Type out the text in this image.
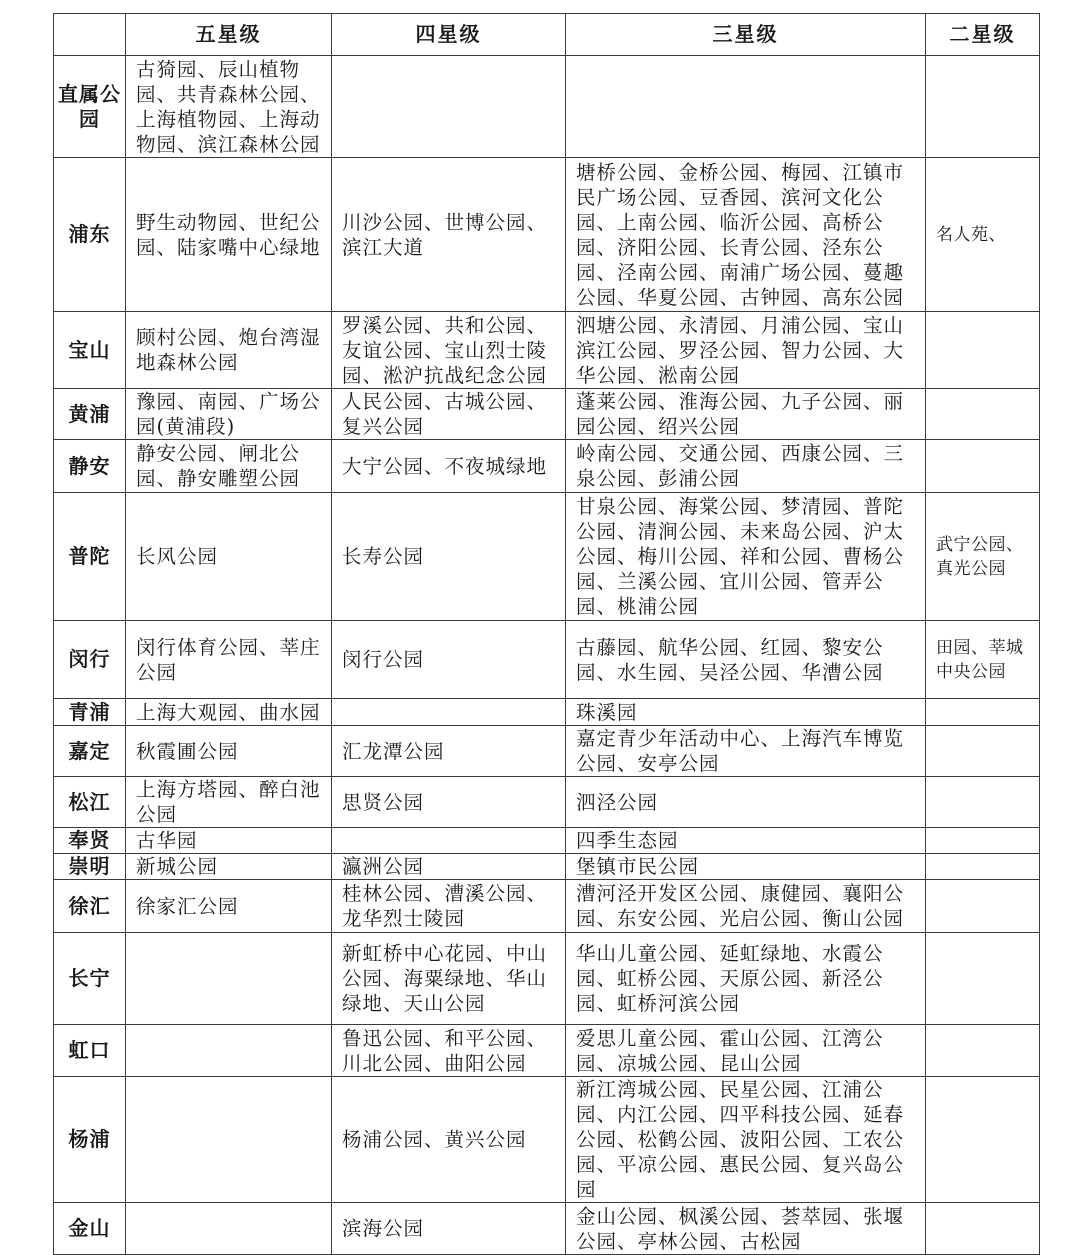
	五星级	四星级	三星级	二星级
直属公园	古猗园、辰山植物园、共青森林公园、上海植物园、上海动物园、滨江森林公园			
浦东	野生动物园、世纪公园、陆家嘴中心绿地	川沙公园、世博公园、滨江大道	塘桥公园、金桥公园、梅园、江镇市民广场公园、豆香园、滨河文化公园、上南公园、临沂公园、高桥公园、济阳公园、长青公园、泾东公园、泾南公园、南浦广场公园、蔓趣公园、华夏公园、古钟园、高东公园	名人苑、
宝山	顾村公园、炮台湾湿地森林公园	罗溪公园、共和公园、友谊公园、宝山烈士陵园、淞沪抗战纪念公园	泗塘公园、永清园、月浦公园、宝山滨江公园、罗泾公园、智力公园、大华公园、淞南公园	
黄浦	豫园、南园、广场公园(黄浦段)	人民公园、古城公园、复兴公园	蓬莱公园、淮海公园、九子公园、丽园公园、绍兴公园	
静安	静安公园、闸北公园、静安雕塑公园	大宁公园、不夜城绿地	岭南公园、交通公园、西康公园、三泉公园、彭浦公园	
普陀	长风公园	长寿公园	甘泉公园、海棠公园、梦清园、普陀公园、清涧公园、未来岛公园、沪太公园、梅川公园、祥和公园、曹杨公园、兰溪公园、宜川公园、管弄公园、桃浦公园	武宁公园、真光公园
闵行	闵行体育公园、莘庄公园	闵行公园	古藤园、航华公园、红园、黎安公园、水生园、吴泾公园、华漕公园	田园、莘城中央公园
青浦	上海大观园、曲水园		珠溪园	
嘉定	秋霞圃公园	汇龙潭公园	嘉定青少年活动中心、上海汽车博览公园、安亭公园	
松江	上海方塔园、醉白池公园	思贤公园	泗泾公园	
奉贤	古华园		四季生态园	
崇明	新城公园	瀛洲公园	堡镇市民公园	
徐汇	徐家汇公园	桂林公园、漕溪公园、龙华烈士陵园	漕河泾开发区公园、康健园、襄阳公园、东安公园、光启公园、衡山公园	
长宁		新虹桥中心花园、中山公园、海粟绿地、华山绿地、天山公园	华山儿童公园、延虹绿地、水霞公园、虹桥公园、天原公园、新泾公园、虹桥河滨公园	
虹口		鲁迅公园、和平公园、川北公园、曲阳公园	爱思儿童公园、霍山公园、江湾公园、凉城公园、昆山公园	
杨浦		杨浦公园、黄兴公园	新江湾城公园、民星公园、江浦公园、内江公园、四平科技公园、延春公园、松鹤公园、波阳公园、工农公园、平凉公园、惠民公园、复兴岛公园	
金山		滨海公园	金山公园、枫溪公园、荟萃园、张堰公园、亭林公园、古松园	
